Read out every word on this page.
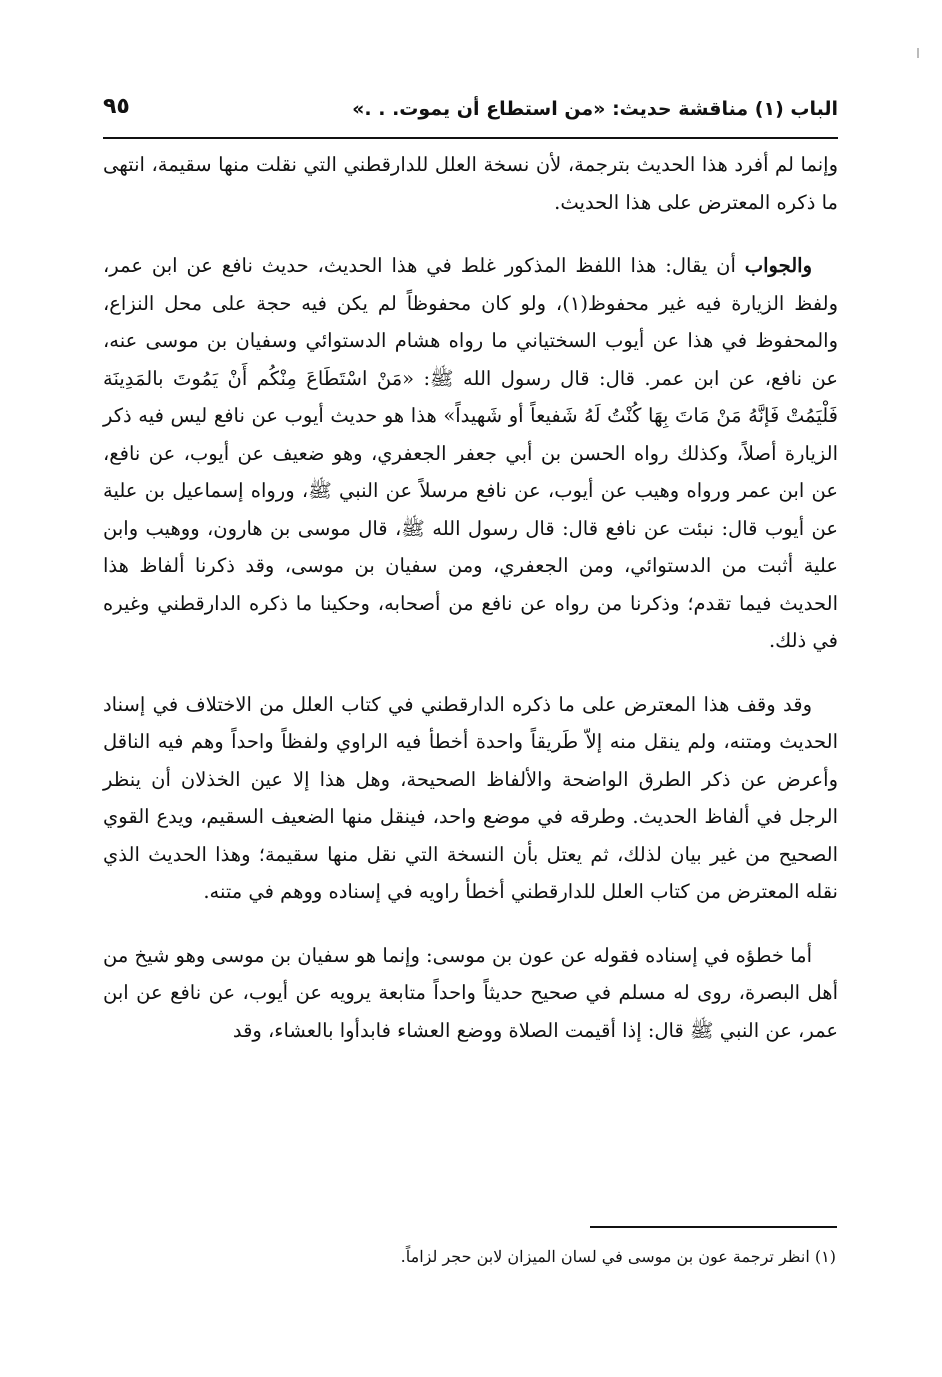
الباب (١) مناقشة حديث: «من استطاع أن يموت. . .»
٩٥

وإنما لم أفرد هذا الحديث بترجمة، لأن نسخة العلل للدارقطني التي نقلت منها سقيمة، انتهى ما ذكره المعترض على هذا الحديث.

والجواب أن يقال: هذا اللفظ المذكور غلط في هذا الحديث، حديث نافع عن ابن عمر، ولفظ الزيارة فيه غير محفوظ(١)، ولو كان محفوظاً لم يكن فيه حجة على محل النزاع، والمحفوظ في هذا عن أيوب السختياني ما رواه هشام الدستوائي وسفيان بن موسى عنه، عن نافع، عن ابن عمر. قال: قال رسول الله ﷺ: «مَنْ اسْتَطَاعَ مِنْكُم أَنْ يَمُوتَ بالمَدِينَة فَلْيَمُتْ فَإنَّهُ مَنْ مَاتَ بِهَا كُنْتُ لَهُ شَفيعاً أو شَهيداً» هذا هو حديث أيوب عن نافع ليس فيه ذكر الزيارة أصلاً، وكذلك رواه الحسن بن أبي جعفر الجعفري، وهو ضعيف عن أيوب، عن نافع، عن ابن عمر ورواه وهيب عن أيوب، عن نافع مرسلاً عن النبي ﷺ، ورواه إسماعيل بن علية عن أيوب قال: نبئت عن نافع قال: قال رسول الله ﷺ، قال موسى بن هارون، ووهيب وابن علية أثبت من الدستوائي، ومن الجعفري، ومن سفيان بن موسى، وقد ذكرنا ألفاظ هذا الحديث فيما تقدم؛ وذكرنا من رواه عن نافع من أصحابه، وحكينا ما ذكره الدارقطني وغيره في ذلك.

وقد وقف هذا المعترض على ما ذكره الدارقطني في كتاب العلل من الاختلاف في إسناد الحديث ومتنه، ولم ينقل منه إلاّ طَريقاً واحدة أخطأ فيه الراوي ولفظاً واحداً وهم فيه الناقل وأعرض عن ذكر الطرق الواضحة والألفاظ الصحيحة، وهل هذا إلا عين الخذلان أن ينظر الرجل في ألفاظ الحديث. وطرقه في موضع واحد، فينقل منها الضعيف السقيم، ويدع القوي الصحيح من غير بيان لذلك، ثم يعتل بأن النسخة التي نقل منها سقيمة؛ وهذا الحديث الذي نقله المعترض من كتاب العلل للدارقطني أخطأ راويه في إسناده ووهم في متنه.

أما خطؤه في إسناده فقوله عن عون بن موسى: وإنما هو سفيان بن موسى وهو شيخ من أهل البصرة، روى له مسلم في صحيح حديثاً واحداً متابعة يرويه عن أيوب، عن نافع عن ابن عمر، عن النبي ﷺ قال: إذا أقيمت الصلاة ووضع العشاء فابدأوا بالعشاء، وقد

(١) انظر ترجمة عون بن موسى في لسان الميزان لابن حجر لزاماً.
